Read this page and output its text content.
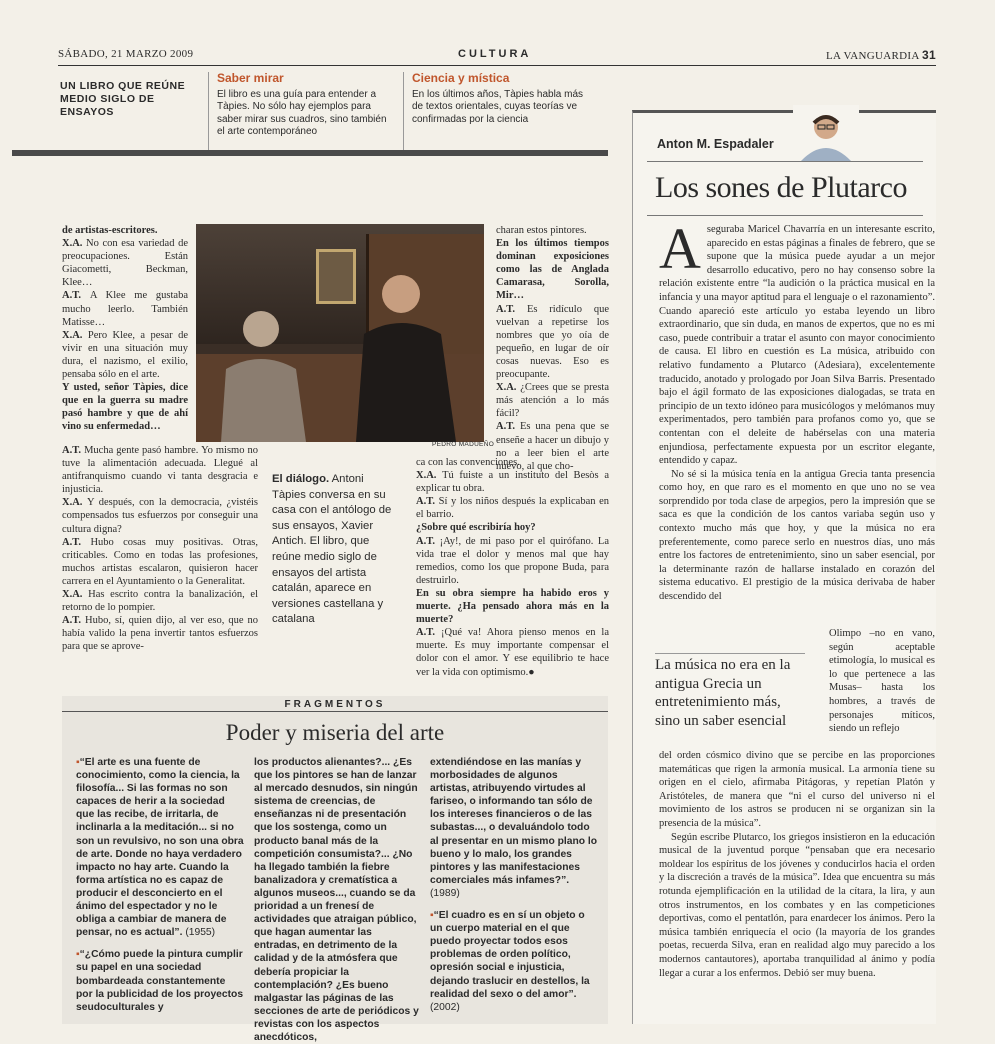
SÁBADO, 21 MARZO 2009	CULTURA	LA VANGUARDIA 31
UN LIBRO QUE REÚNE MEDIO SIGLO DE ENSAYOS
Saber mirar
El libro es una guía para entender a Tàpies. No sólo hay ejemplos para saber mirar sus cuadros, sino también el arte contemporáneo
Ciencia y mística
En los últimos años, Tàpies habla más de textos orientales, cuyas teorías ve confirmadas por la ciencia

de artistas-escritores.

X.A. No con esa variedad de preocupaciones. Están Giacometti, Beckman, Klee…

A.T. A Klee me gustaba mucho leerlo. También Matisse…

X.A. Pero Klee, a pesar de vivir en una situación muy dura, el nazismo, el exilio, pensaba sólo en el arte.

Y usted, señor Tàpies, dice que en la guerra su madre pasó hambre y que de ahí vino su enfermedad…

A.T. Mucha gente pasó hambre. Yo mismo no tuve la alimentación adecuada. Llegué al antifranquismo cuando vi tanta desgracia e injusticia.

X.A. Y después, con la democracia, ¿vistéis compensados tus esfuerzos por conseguir una cultura digna?

A.T. Hubo cosas muy positivas. Otras, criticables. Como en todas las profesiones, muchos artistas escalaron, quisieron hacer carrera en el Ayuntamiento o la Generalitat.

X.A. Has escrito contra la banalización, el retorno de lo pompier.

A.T. Hubo, sí, quien dijo, al ver eso, que no había valido la pena invertir tantos esfuerzos para que se aprove-

PEDRO MADUEÑO
El diálogo. Antoni Tàpies conversa en su casa con el antólogo de sus ensayos, Xavier Antich. El libro, que reúne medio siglo de ensayos del artista catalán, aparece en versiones castellana y catalana

charan estos pintores.

En los últimos tiempos dominan exposiciones como las de Anglada Camarasa, Sorolla, Mir…

A.T. Es ridículo que vuelvan a repetirse los nombres que yo oía de pequeño, en lugar de oír cosas nuevas. Eso es preocupante.

X.A. ¿Crees que se presta más atención a lo más fácil?

A.T. Es una pena que se enseñe a hacer un dibujo y no a leer bien el arte nuevo, al que cho-

ca con las convenciones.

X.A. Tú fuiste a un instituto del Besòs a explicar tu obra.

A.T. Sí y los niños después la explicaban en el barrio.

¿Sobre qué escribiría hoy?

A.T. ¡Ay!, de mi paso por el quirófano. La vida trae el dolor y menos mal que hay remedios, como los que propone Buda, para destruirlo.

En su obra siempre ha habido eros y muerte. ¿Ha pensado ahora más en la muerte?

A.T. ¡Qué va! Ahora pienso menos en la muerte. Es muy importante compensar el dolor con el amor. Y ese equilibrio te hace ver la vida con optimismo.●

FRAGMENTOS
Poder y miseria del arte

▪“El arte es una fuente de conocimiento, como la ciencia, la filosofía... Si las formas no son capaces de herir a la sociedad que las recibe, de irritarla, de inclinarla a la meditación... si no son un revulsivo, no son una obra de arte. Donde no haya verdadero impacto no hay arte. Cuando la forma artística no es capaz de producir el desconcierto en el ánimo del espectador y no le obliga a cambiar de manera de pensar, no es actual”. (1955)

▪“¿Cómo puede la pintura cumplir su papel en una sociedad bombardeada constantemente por la publicidad de los proyectos seudoculturales y

los productos alienantes?... ¿Es que los pintores se han de lanzar al mercado desnudos, sin ningún sistema de creencias, de enseñanzas ni de presentación que los sostenga, como un producto banal más de la competición consumista?... ¿No ha llegado también la fiebre banalizadora y crematística a algunos museos..., cuando se da prioridad a un frenesí de actividades que atraigan público, que hagan aumentar las entradas, en detrimento de la calidad y de la atmósfera que debería propiciar la contemplación? ¿Es bueno malgastar las páginas de las secciones de arte de periódicos y revistas con los aspectos anecdóticos,

extendiéndose en las manías y morbosidades de algunos artistas, atribuyendo virtudes al fariseo, o informando tan sólo de los intereses financieros o de las subastas..., o devaluándolo todo al presentar en un mismo plano lo bueno y lo malo, los grandes pintores y las manifestaciones comerciales más infames?”. (1989)

▪“El cuadro es en sí un objeto o un cuerpo material en el que puedo proyectar todos esos problemas de orden político, opresión social e injusticia, dejando traslucir en destellos, la realidad del sexo o del amor”. (2002)

Anton M. Espadaler
Los sones de Plutarco

Aseguraba Maricel Chavarría en un interesante escrito, aparecido en estas páginas a finales de febrero, que se supone que la música puede ayudar a un mejor desarrollo educativo, pero no hay consenso sobre la relación existente entre “la audición o la práctica musical en la infancia y una mayor aptitud para el lenguaje o el razonamiento”. Cuando apareció este artículo yo estaba leyendo un libro extraordinario, que sin duda, en manos de expertos, que no es mi caso, puede contribuir a tratar el asunto con mayor conocimiento de causa. El libro en cuestión es La música, atribuido con relativo fundamento a Plutarco (Adesiara), excelentemente traducido, anotado y prologado por Joan Silva Barris. Presentado bajo el ágil formato de las exposiciones dialogadas, se trata en principio de un texto idóneo para musicólogos y melómanos muy experimentados, pero también para profanos como yo, que se contentan con el deleite de habérselas con una materia enjundiosa, perfectamente expuesta por un escritor elegante, entendido y capaz.

No sé si la música tenía en la antigua Grecia tanta presencia como hoy, en que raro es el momento en que uno no se vea sorprendido por toda clase de arpegios, pero la impresión que se saca es que la condición de los cantos variaba según uso y contexto mucho más que hoy, y que la música no era preferentemente, como parece serlo en nuestros días, uno más entre los factores de entretenimiento, sino un saber esencial, por la determinante razón de hallarse instalado en corazón del sistema educativo. El prestigio de la música derivaba de haber descendido del

La música no era en la antigua Grecia un entretenimiento más, sino un saber esencial
Olimpo –no en vano, según aceptable etimología, lo musical es lo que pertenece a las Musas– hasta los hombres, a través de personajes míticos, siendo un reflejo

del orden cósmico divino que se percibe en las proporciones matemáticas que rigen la armonía musical. La armonía tiene su origen en el cielo, afirmaba Pitágoras, y repetían Platón y Aristóteles, de manera que “ni el curso del universo ni el movimiento de los astros se producen ni se organizan sin la presencia de la música”.

Según escribe Plutarco, los griegos insistieron en la educación musical de la juventud porque “pensaban que era necesario moldear los espíritus de los jóvenes y conducirlos hacia el orden y la discreción a través de la música”. Idea que encuentra su más rotunda ejemplificación en la utilidad de la cítara, la lira, y aun otros instrumentos, en los combates y en las competiciones deportivas, como el pentatlón, para enardecer los ánimos. Pero la música también enriquecía el ocio (la mayoría de los grandes poetas, recuerda Silva, eran en realidad algo muy parecido a los modernos cantautores), aportaba tranquilidad al ánimo y podía llegar a curar a los enfermos. Debió ser muy buena.
